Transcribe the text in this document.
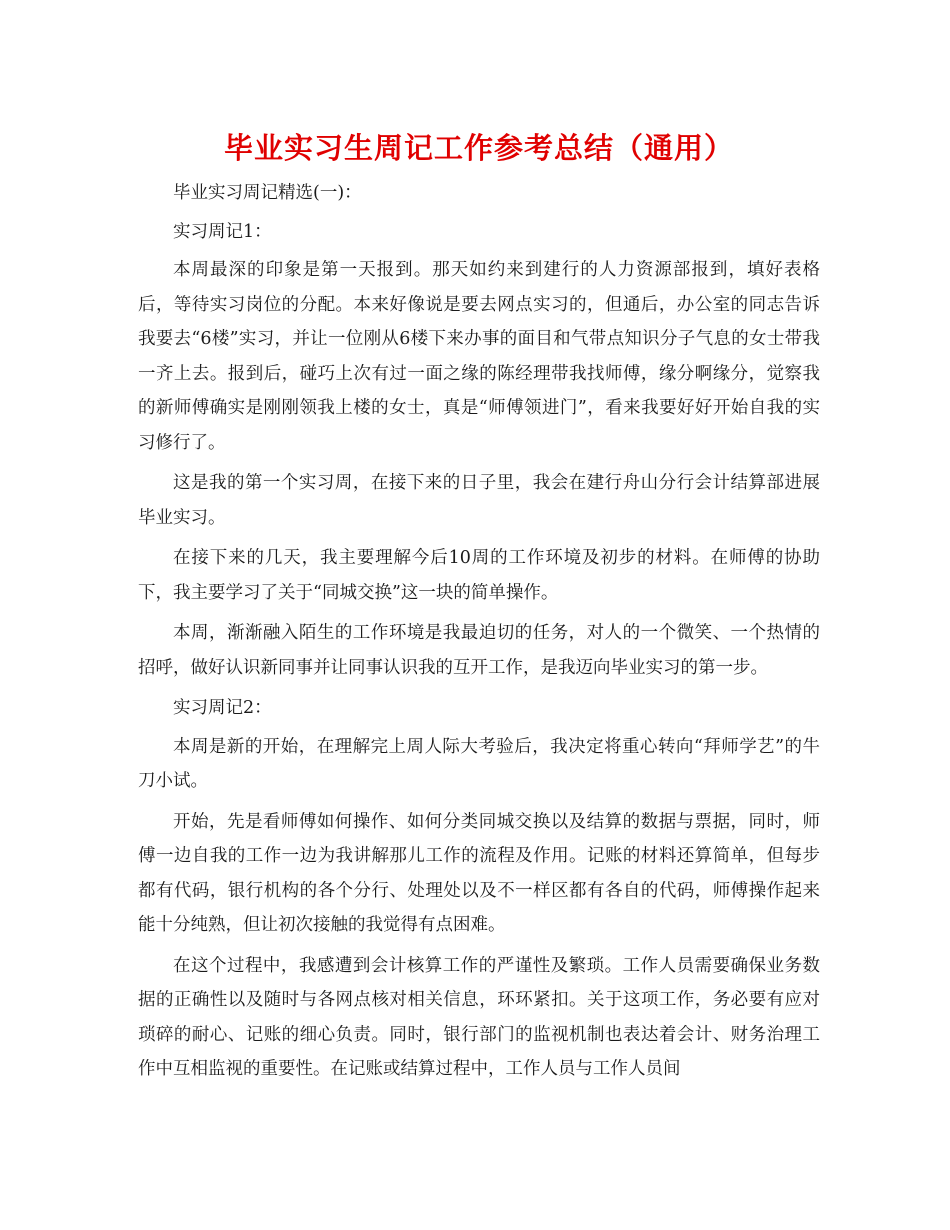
毕业实习生周记工作参考总结（通用）

毕业实习周记精选(一)：

实习周记1：

本周最深的印象是第一天报到。那天如约来到建行的人力资源部报到，填好表格后，等待实习岗位的分配。本来好像说是要去网点实习的，但通后，办公室的同志告诉我要去“6楼”实习，并让一位刚从6楼下来办事的面目和气带点知识分子气息的女士带我一齐上去。报到后，碰巧上次有过一面之缘的陈经理带我找师傅，缘分啊缘分，觉察我的新师傅确实是刚刚领我上楼的女士，真是“师傅领进门”，看来我要好好开始自我的实习修行了。

这是我的第一个实习周，在接下来的日子里，我会在建行舟山分行会计结算部进展毕业实习。

在接下来的几天，我主要理解今后10周的工作环境及初步的材料。在师傅的协助下，我主要学习了关于“同城交换”这一块的简单操作。

本周，渐渐融入陌生的工作环境是我最迫切的任务，对人的一个微笑、一个热情的招呼，做好认识新同事并让同事认识我的互开工作，是我迈向毕业实习的第一步。

实习周记2：

本周是新的开始，在理解完上周人际大考验后，我决定将重心转向“拜师学艺”的牛刀小试。

开始，先是看师傅如何操作、如何分类同城交换以及结算的数据与票据，同时，师傅一边自我的工作一边为我讲解那儿工作的流程及作用。记账的材料还算简单，但每步都有代码，银行机构的各个分行、处理处以及不一样区都有各自的代码，师傅操作起来能十分纯熟，但让初次接触的我觉得有点困难。

在这个过程中，我感遭到会计核算工作的严谨性及繁琐。工作人员需要确保业务数据的正确性以及随时与各网点核对相关信息，环环紧扣。关于这项工作，务必要有应对琐碎的耐心、记账的细心负责。同时，银行部门的监视机制也表达着会计、财务治理工作中互相监视的重要性。在记账或结算过程中，工作人员与工作人员间
